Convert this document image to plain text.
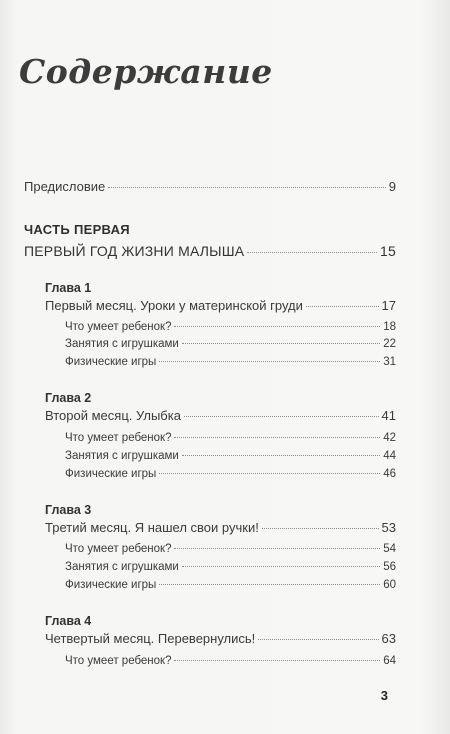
Содержание
Предисловие	9
ЧАСТЬ ПЕРВАЯ
ПЕРВЫЙ ГОД ЖИЗНИ МАЛЫША	15
Глава 1
Первый месяц. Уроки у материнской груди	17
Что умеет ребенок?	18
Занятия с игрушками	22
Физические игры	31
Глава 2
Второй месяц. Улыбка	41
Что умеет ребенок?	42
Занятия с игрушками	44
Физические игры	46
Глава 3
Третий месяц. Я нашел свои ручки!	53
Что умеет ребенок?	54
Занятия с игрушками	56
Физические игры	60
Глава 4
Четвертый месяц. Перевернулись!	63
Что умеет ребенок?	64
3
